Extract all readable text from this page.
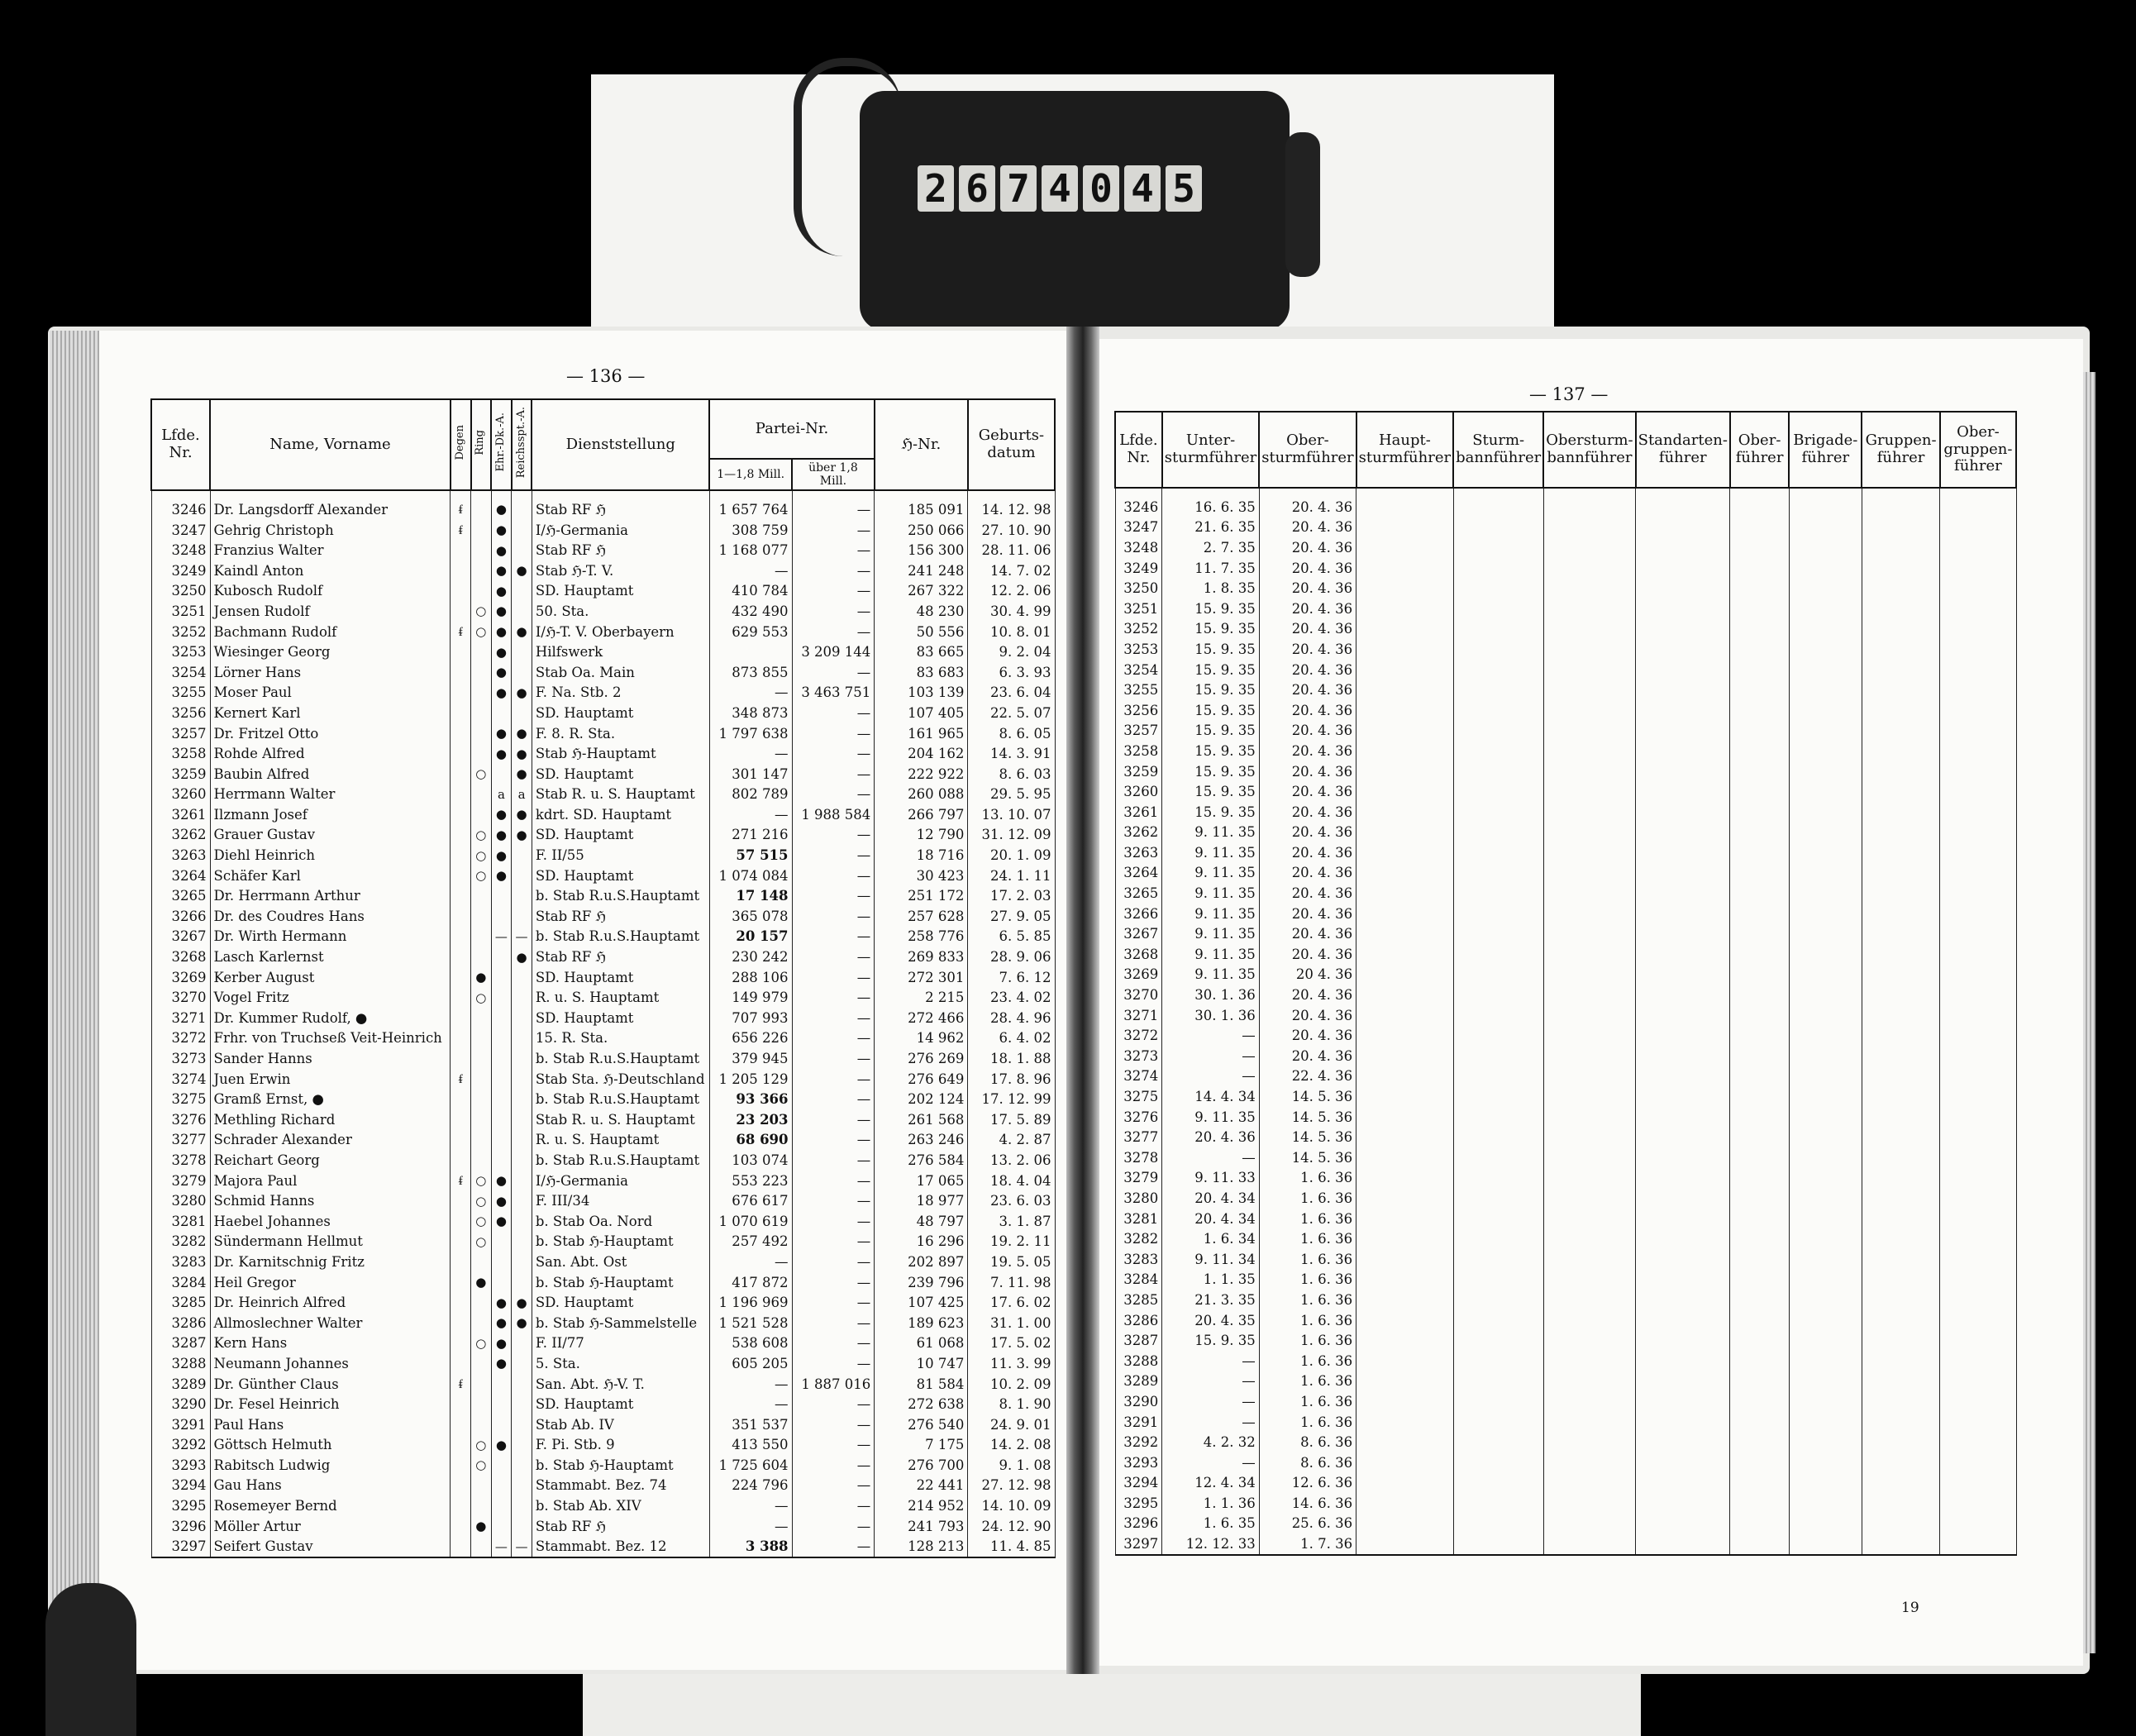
2 6 7 4 0 4 5
— 136 —
— 137 —
19
Lfde. Nr.	Name, Vorname	Degen	Ring	Ehr.-Dk.-A.	Reichsspt.-A.	Dienststellung	Partei-Nr.		ℌ-Nr.	Geburts-datum
							1—1,8 Mill.	über 1,8 Mill.		
3246	Dr. Langsdorff Alexander	ᵮ		●		Stab RF ℌ	1 657 764	—	185 091	14. 12. 98
3247	Gehrig Christoph	ᵮ		●		I/ℌ-Germania	308 759	—	250 066	27. 10. 90
3248	Franzius Walter			●		Stab RF ℌ	1 168 077	—	156 300	28. 11. 06
3249	Kaindl Anton			●	●	Stab ℌ-T. V.	—	—	241 248	14. 7. 02
3250	Kubosch Rudolf			●		SD. Hauptamt	410 784	—	267 322	12. 2. 06
3251	Jensen Rudolf		○	●		50. Sta.	432 490	—	48 230	30. 4. 99
3252	Bachmann Rudolf	ᵮ	○	●	●	I/ℌ-T. V. Oberbayern	629 553	—	50 556	10. 8. 01
3253	Wiesinger Georg			●		Hilfswerk		3 209 144	83 665	9. 2. 04
3254	Lörner Hans			●		Stab Oa. Main	873 855	—	83 683	6. 3. 93
3255	Moser Paul			●	●	F. Na. Stb. 2	—	3 463 751	103 139	23. 6. 04
3256	Kernert Karl					SD. Hauptamt	348 873	—	107 405	22. 5. 07
3257	Dr. Fritzel Otto			●	●	F. 8. R. Sta.	1 797 638	—	161 965	8. 6. 05
3258	Rohde Alfred			●	●	Stab ℌ-Hauptamt	—	—	204 162	14. 3. 91
3259	Baubin Alfred		○		●	SD. Hauptamt	301 147	—	222 922	8. 6. 03
3260	Herrmann Walter			a	a	Stab R. u. S. Hauptamt	802 789	—	260 088	29. 5. 95
3261	Ilzmann Josef			●	●	kdrt. SD. Hauptamt	—	1 988 584	266 797	13. 10. 07
3262	Grauer Gustav		○	●	●	SD. Hauptamt	271 216	—	12 790	31. 12. 09
3263	Diehl Heinrich		○	●		F. II/55	57 515	—	18 716	20. 1. 09
3264	Schäfer Karl		○	●		SD. Hauptamt	1 074 084	—	30 423	24. 1. 11
3265	Dr. Herrmann Arthur					b. Stab R.u.S.Hauptamt	17 148	—	251 172	17. 2. 03
3266	Dr. des Coudres Hans					Stab RF ℌ	365 078	—	257 628	27. 9. 05
3267	Dr. Wirth Hermann			—	—	b. Stab R.u.S.Hauptamt	20 157	—	258 776	6. 5. 85
3268	Lasch Karlernst				●	Stab RF ℌ	230 242	—	269 833	28. 9. 06
3269	Kerber August		●			SD. Hauptamt	288 106	—	272 301	7. 6. 12
3270	Vogel Fritz		○			R. u. S. Hauptamt	149 979	—	2 215	23. 4. 02
3271	Dr. Kummer Rudolf, ●					SD. Hauptamt	707 993	—	272 466	28. 4. 96
3272	Frhr. von Truchseß Veit-Heinrich					15. R. Sta.	656 226	—	14 962	6. 4. 02
3273	Sander Hanns					b. Stab R.u.S.Hauptamt	379 945	—	276 269	18. 1. 88
3274	Juen Erwin	ᵮ				Stab Sta. ℌ-Deutschland	1 205 129	—	276 649	17. 8. 96
3275	Gramß Ernst, ●					b. Stab R.u.S.Hauptamt	93 366	—	202 124	17. 12. 99
3276	Methling Richard					Stab R. u. S. Hauptamt	23 203	—	261 568	17. 5. 89
3277	Schrader Alexander					R. u. S. Hauptamt	68 690	—	263 246	4. 2. 87
3278	Reichart Georg					b. Stab R.u.S.Hauptamt	103 074	—	276 584	13. 2. 06
3279	Majora Paul	ᵮ	○	●		I/ℌ-Germania	553 223	—	17 065	18. 4. 04
3280	Schmid Hanns		○	●		F. III/34	676 617	—	18 977	23. 6. 03
3281	Haebel Johannes		○	●		b. Stab Oa. Nord	1 070 619	—	48 797	3. 1. 87
3282	Sündermann Hellmut		○			b. Stab ℌ-Hauptamt	257 492	—	16 296	19. 2. 11
3283	Dr. Karnitschnig Fritz					San. Abt. Ost	—	—	202 897	19. 5. 05
3284	Heil Gregor		●			b. Stab ℌ-Hauptamt	417 872	—	239 796	7. 11. 98
3285	Dr. Heinrich Alfred			●	●	SD. Hauptamt	1 196 969	—	107 425	17. 6. 02
3286	Allmoslechner Walter			●	●	b. Stab ℌ-Sammelstelle	1 521 528	—	189 623	31. 1. 00
3287	Kern Hans		○	●		F. II/77	538 608	—	61 068	17. 5. 02
3288	Neumann Johannes			●		5. Sta.	605 205	—	10 747	11. 3. 99
3289	Dr. Günther Claus	ᵮ				San. Abt. ℌ-V. T.	—	1 887 016	81 584	10. 2. 09
3290	Dr. Fesel Heinrich					SD. Hauptamt	—	—	272 638	8. 1. 90
3291	Paul Hans					Stab Ab. IV	351 537	—	276 540	24. 9. 01
3292	Göttsch Helmuth		○	●		F. Pi. Stb. 9	413 550	—	7 175	14. 2. 08
3293	Rabitsch Ludwig		○			b. Stab ℌ-Hauptamt	1 725 604	—	276 700	9. 1. 08
3294	Gau Hans					Stammabt. Bez. 74	224 796	—	22 441	27. 12. 98
3295	Rosemeyer Bernd					b. Stab Ab. XIV	—	—	214 952	14. 10. 09
3296	Möller Artur		●			Stab RF ℌ	—	—	241 793	24. 12. 90
3297	Seifert Gustav			—	—	Stammabt. Bez. 12	3 388	—	128 213	11. 4. 85
Lfde. Nr.	Unter-sturmführer	Ober-sturmführer	Haupt-sturmführer	Sturm-bannführer	Obersturm-bannführer	Standarten-führer	Ober-führer	Brigade-führer	Gruppen-führer	Ober-gruppen-führer
3246	16. 6. 35	20. 4. 36								
3247	21. 6. 35	20. 4. 36								
3248	2. 7. 35	20. 4. 36								
3249	11. 7. 35	20. 4. 36								
3250	1. 8. 35	20. 4. 36								
3251	15. 9. 35	20. 4. 36								
3252	15. 9. 35	20. 4. 36								
3253	15. 9. 35	20. 4. 36								
3254	15. 9. 35	20. 4. 36								
3255	15. 9. 35	20. 4. 36								
3256	15. 9. 35	20. 4. 36								
3257	15. 9. 35	20. 4. 36								
3258	15. 9. 35	20. 4. 36								
3259	15. 9. 35	20. 4. 36								
3260	15. 9. 35	20. 4. 36								
3261	15. 9. 35	20. 4. 36								
3262	9. 11. 35	20. 4. 36								
3263	9. 11. 35	20. 4. 36								
3264	9. 11. 35	20. 4. 36								
3265	9. 11. 35	20. 4. 36								
3266	9. 11. 35	20. 4. 36								
3267	9. 11. 35	20. 4. 36								
3268	9. 11. 35	20. 4. 36								
3269	9. 11. 35	20 4. 36								
3270	30. 1. 36	20. 4. 36								
3271	30. 1. 36	20. 4. 36								
3272	—	20. 4. 36								
3273	—	20. 4. 36								
3274	—	22. 4. 36								
3275	14. 4. 34	14. 5. 36								
3276	9. 11. 35	14. 5. 36								
3277	20. 4. 36	14. 5. 36								
3278	—	14. 5. 36								
3279	9. 11. 33	1. 6. 36								
3280	20. 4. 34	1. 6. 36								
3281	20. 4. 34	1. 6. 36								
3282	1. 6. 34	1. 6. 36								
3283	9. 11. 34	1. 6. 36								
3284	1. 1. 35	1. 6. 36								
3285	21. 3. 35	1. 6. 36								
3286	20. 4. 35	1. 6. 36								
3287	15. 9. 35	1. 6. 36								
3288	—	1. 6. 36								
3289	—	1. 6. 36								
3290	—	1. 6. 36								
3291	—	1. 6. 36								
3292	4. 2. 32	8. 6. 36								
3293	—	8. 6. 36								
3294	12. 4. 34	12. 6. 36								
3295	1. 1. 36	14. 6. 36								
3296	1. 6. 35	25. 6. 36								
3297	12. 12. 33	1. 7. 36								
